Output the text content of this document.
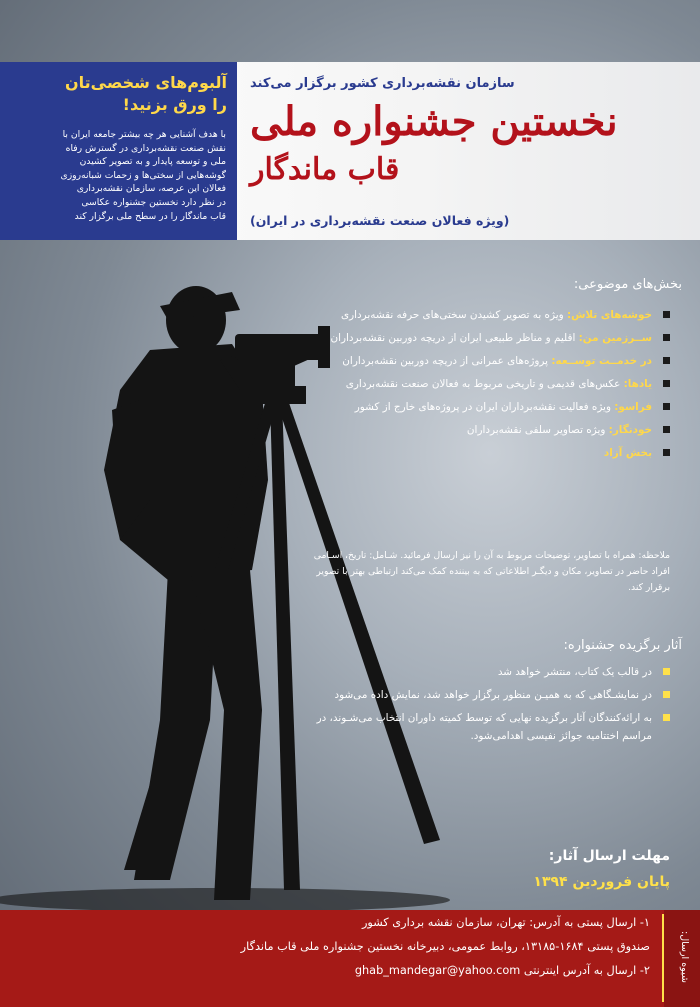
آلبوم‌های شخصی‌تان
را ورق بزنید!
با هدف آشنایی هر چه بیشتر جامعه ایران با
نقش صنعت نقشه‌برداری در گسترش رفاه
ملی و توسعه پایدار و به تصویر کشیدن
گوشه‌هایی از سختی‌ها و زحمات شبانه‌روزی
فعالان این عرصه، سازمان نقشه‌برداری
در نظر دارد نخستین جشنواره عکاسی
قاب ماندگار را در سطح ملی برگزار کند
سازمان نقشه‌برداری کشور برگزار می‌کند
نخستین جشنواره ملی
قاب ماندگار
(ویژه فعالان صنعت نقشه‌برداری در ایران)
بخش‌های موضوعی:
خوشه‌های تلاش: ویژه به تصویر کشیدن سختی‌های حرفه نقشه‌برداری
ســرزمین من: اقلیم و مناظر طبیعی ایران از دریچه دوربین نقشه‌برداران
در خدمــت توســعه: پروژه‌های عمرانی از دریچه دوربین نقشه‌برداران
یادها: عکس‌های قدیمی و تاریخی مربوط به فعالان صنعت نقشه‌برداری
فراسو: ویژه فعالیت نقشه‌برداران ایران در پروژه‌های خارج از کشور
خودنگار: ویژه تصاویر سلفی نقشه‌برداران
بخش آزاد
ملاحظه: همراه با تصاویر، توضیحات مربوط به آن را نیز ارسال فرمائید. شـامل: تاریخ، اسـامی افراد حاضر در تصاویر، مکان و دیگـر اطلاعاتی که به بیننده کمک می‌کند ارتباطی بهتر با تصویر برقرار کند.
آثار برگزیده جشنواره:
در قالب یک کتاب، منتشر خواهد شد
در نمایشـگاهی که به همیـن منظور برگزار خواهد شد، نمایش داده می‌شود
به ارائه‌کنندگان آثار برگزیده نهایی که توسط کمیته داوران انتخاب می‌شـوند، در مراسم اختتامیه جوائز نفیسی اهدامی‌شود.
مهلت ارسال آثار:
پایان فروردین ۱۳۹۴
شیوه ارسال:
۱- ارسال پستی به آدرس: تهران، سازمان نقشه برداری کشور
صندوق پستی ۱۶۸۴-۱۳۱۸۵، روابط عمومی، دبیرخانه نخستین جشنواره ملی قاب ماندگار
۲- ارسال به آدرس اینترنتی ghab_mandegar@yahoo.com
